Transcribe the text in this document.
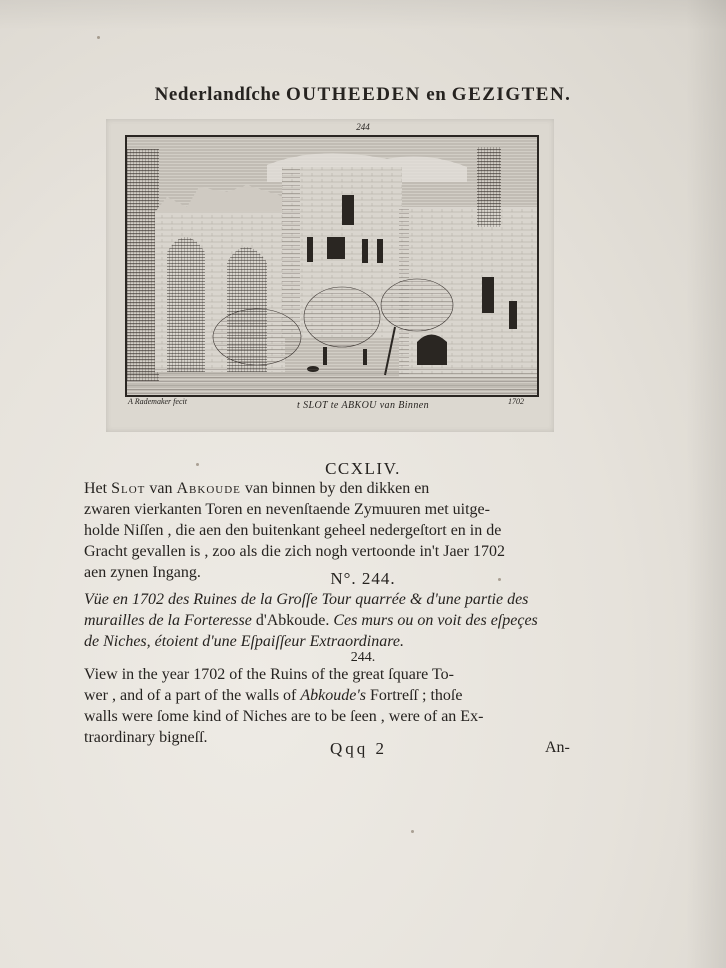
Nederlandſche OUTHEEDEN en GEZIGTEN.
244
A Rademaker fecit	t SLOT te ABKOU van Binnen	1702
CCXLIV.
Het Slot van Abkoude van binnen by den dikken en
zwaren vierkanten Toren en nevenſtaende Zymuuren met uitge-
holde Niſſen , die aen den buitenkant geheel nedergeſtort en in de
Gracht gevallen is , zoo als die zich nogh vertoonde in't Jaer 1702
aen zynen Ingang.	N°. 244.
Vüe en 1702 des Ruines de la Groſſe Tour quarrée & d'une partie des
murailles de la Forteresse d'Abkoude. Ces murs ou on voit des eſpeçes
de Niches, étoient d'une Eſpaiſſeur Extraordinare.
244.
View in the year 1702 of the Ruins of the great ſquare To-
wer , and of a part of the walls of Abkoude's Fortreſſ ; thoſe
walls were ſome kind of Niches are to be ſeen , were of an Ex-
traordinary bigneſſ.
Qqq 2	An-
